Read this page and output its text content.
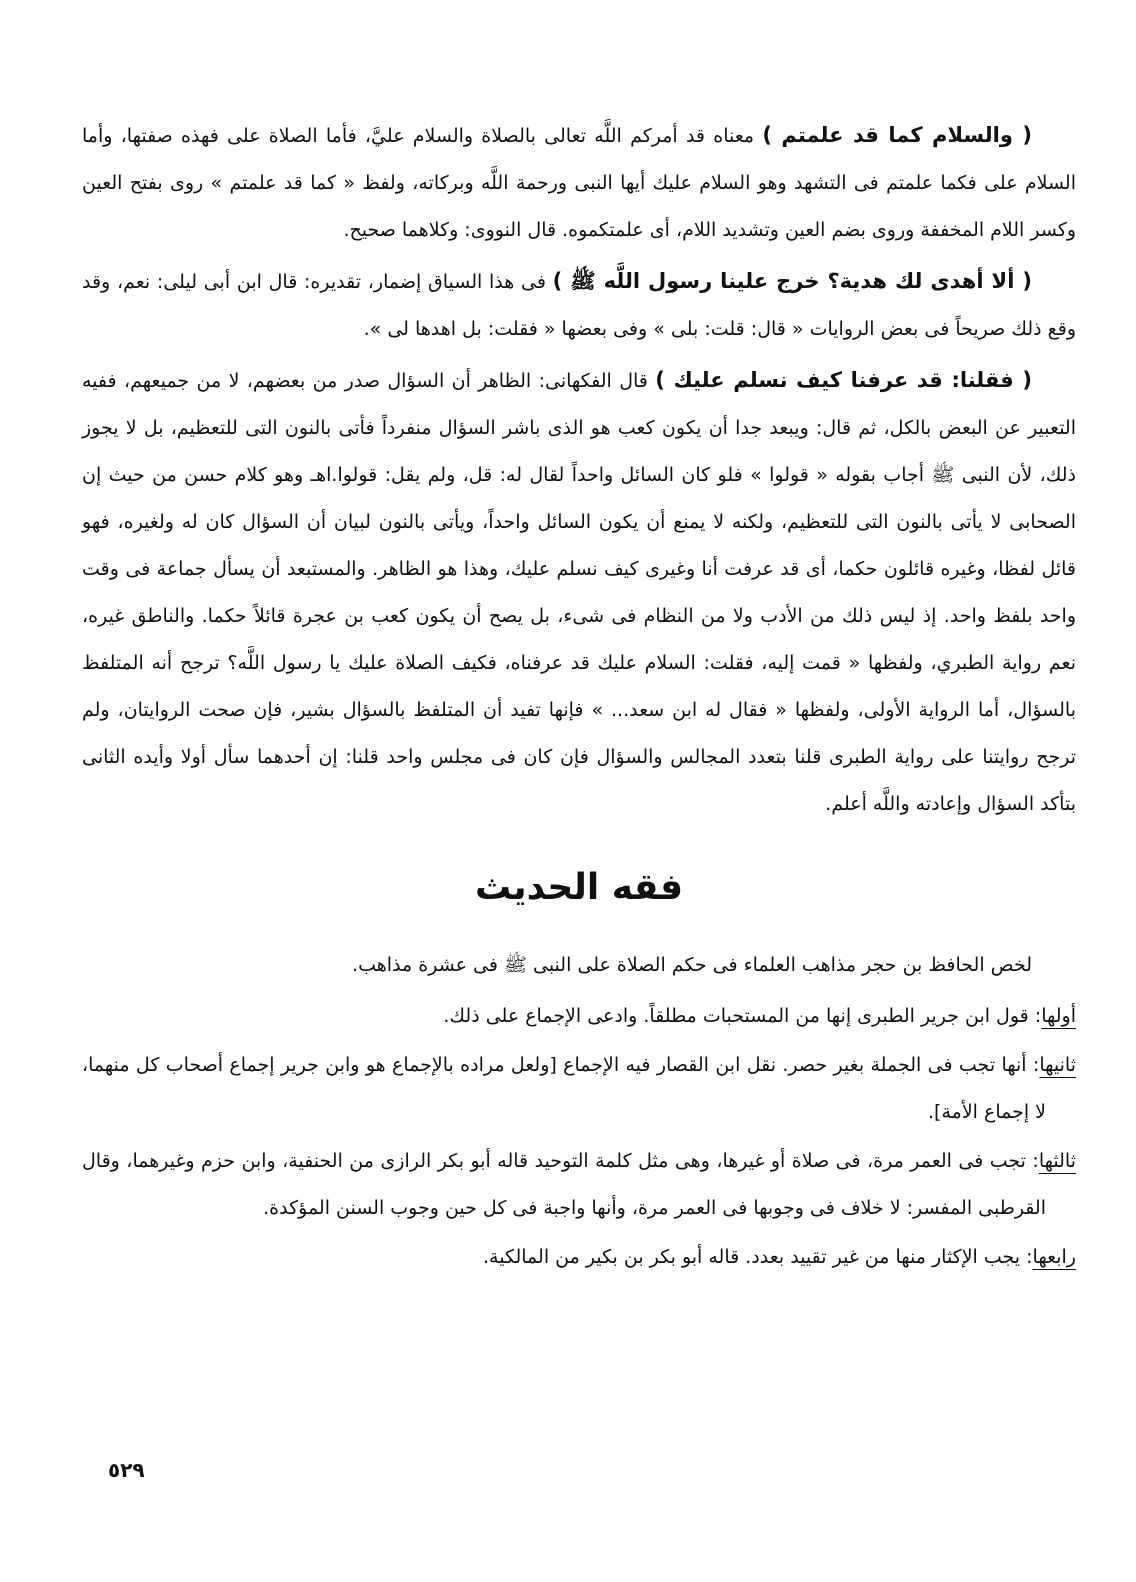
( والسلام كما قد علمتم ) معناه قد أمركم اللَّه تعالى بالصلاة والسلام عليَّ، فأما الصلاة على فهذه صفتها، وأما السلام على فكما علمتم فى التشهد وهو السلام عليك أيها النبى ورحمة اللَّه وبركاته، ولفظ « كما قد علمتم » روى بفتح العين وكسر اللام المخففة وروى بضم العين وتشديد اللام، أى علمتكموه. قال النووى: وكلاهما صحيح.

( ألا أهدى لك هدية؟ خرج علينا رسول اللَّه ﷺ ) فى هذا السياق إضمار، تقديره: قال ابن أبى ليلى: نعم، وقد وقع ذلك صريحاً فى بعض الروايات « قال: قلت: بلى » وفى بعضها « فقلت: بل اهدها لى ».

( فقلنا: قد عرفنا كيف نسلم عليك ) قال الفكهانى: الظاهر أن السؤال صدر من بعضهم، لا من جميعهم، ففيه التعبير عن البعض بالكل، ثم قال: ويبعد جدا أن يكون كعب هو الذى باشر السؤال منفرداً فأتى بالنون التى للتعظيم، بل لا يجوز ذلك، لأن النبى ﷺ أجاب بقوله « قولوا » فلو كان السائل واحداً لقال له: قل، ولم يقل: قولوا.اهـ وهو كلام حسن من حيث إن الصحابى لا يأتى بالنون التى للتعظيم، ولكنه لا يمنع أن يكون السائل واحداً، ويأتى بالنون لبيان أن السؤال كان له ولغيره، فهو قائل لفظا، وغيره قائلون حكما، أى قد عرفت أنا وغيرى كيف نسلم عليك، وهذا هو الظاهر. والمستبعد أن يسأل جماعة فى وقت واحد بلفظ واحد. إذ ليس ذلك من الأدب ولا من النظام فى شىء، بل يصح أن يكون كعب بن عجرة قائلاً حكما. والناطق غيره، نعم رواية الطبري، ولفظها « قمت إليه، فقلت: السلام عليك قد عرفناه، فكيف الصلاة عليك يا رسول اللَّه؟ ترجح أنه المتلفظ بالسؤال، أما الرواية الأولى، ولفظها « فقال له ابن سعد... » فإنها تفيد أن المتلفظ بالسؤال بشير، فإن صحت الروايتان، ولم ترجح روايتنا على رواية الطبرى قلنا بتعدد المجالس والسؤال فإن كان فى مجلس واحد قلنا: إن أحدهما سأل أولا وأيده الثانى بتأكد السؤال وإعادته واللَّه أعلم.

فقه الحديث

لخص الحافظ بن حجر مذاهب العلماء فى حكم الصلاة على النبى ﷺ فى عشرة مذاهب.

أولها: قول ابن جرير الطبرى إنها من المستحبات مطلقاً. وادعى الإجماع على ذلك.

ثانيها: أنها تجب فى الجملة بغير حصر. نقل ابن القصار فيه الإجماع [ولعل مراده بالإجماع هو وابن جرير إجماع أصحاب كل منهما، لا إجماع الأمة].

ثالثها: تجب فى العمر مرة، فى صلاة أو غيرها، وهى مثل كلمة التوحيد قاله أبو بكر الرازى من الحنفية، وابن حزم وغيرهما، وقال القرطبى المفسر: لا خلاف فى وجوبها فى العمر مرة، وأنها واجبة فى كل حين وجوب السنن المؤكدة.

رابعها: يجب الإكثار منها من غير تقييد بعدد. قاله أبو بكر بن بكير من المالكية.

٥٢٩
